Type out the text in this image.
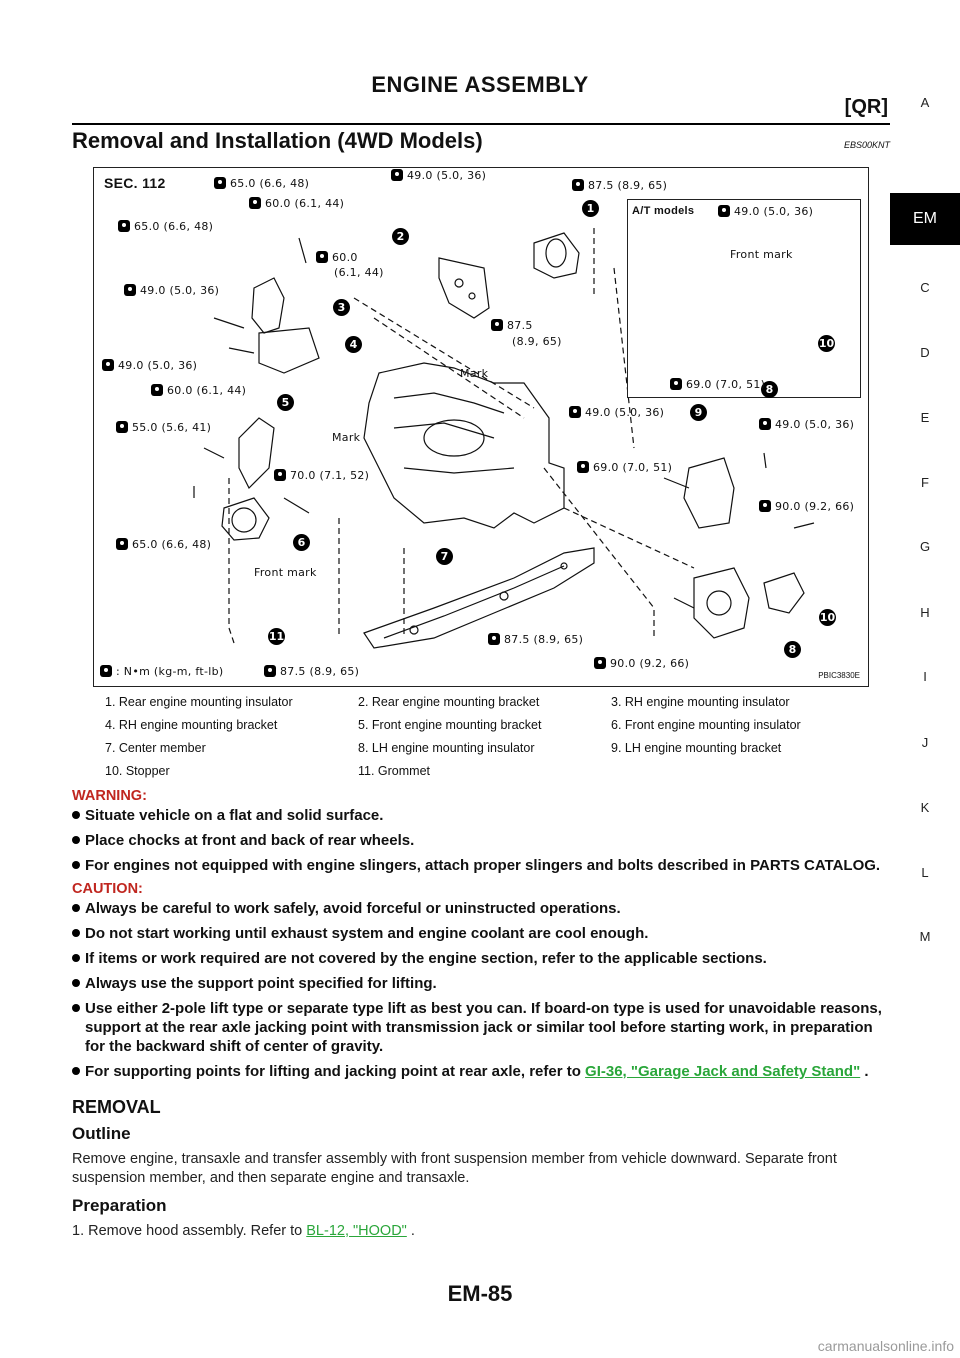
ENGINE ASSEMBLY
[QR]
Removal and Installation (4WD Models)	EBS00KNT
A
EM
C
D
E
F
G
H
I
J
K
L
M
A/T models	49.0 (5.0, 36)
Front mark
8
10
69.0 (7.0, 51)
SEC. 112	65.0 (6.6, 48)
60.0 (6.1, 44)
65.0 (6.6, 48)
60.0
(6.1, 44)
49.0 (5.0, 36)
49.0 (5.0, 36)
60.0 (6.1, 44)
55.0 (5.6, 41)
70.0 (7.1, 52)
65.0 (6.6, 48)
87.5 (8.9, 65)
49.0 (5.0, 36)
87.5 (8.9, 65)
87.5
(8.9, 65)
49.0 (5.0, 36)
49.0 (5.0, 36)
69.0 (7.0, 51)
90.0 (9.2, 66)
87.5 (8.9, 65)
90.0 (9.2, 66)
Mark
Mark
Front mark
1
2
3
4
5
6
7
8
9
10
11
: N•m (kg-m, ft-lb)	PBIC3830E
1. Rear engine mounting insulator	2. Rear engine mounting bracket	3. RH engine mounting insulator
4. RH engine mounting bracket	5. Front engine mounting bracket	6. Front engine mounting insulator
7. Center member	8. LH engine mounting insulator	9. LH engine mounting bracket
10. Stopper	11. Grommet
WARNING:
Situate vehicle on a flat and solid surface.
Place chocks at front and back of rear wheels.
For engines not equipped with engine slingers, attach proper slingers and bolts described in PARTS CATALOG.
CAUTION:
Always be careful to work safely, avoid forceful or uninstructed operations.
Do not start working until exhaust system and engine coolant are cool enough.
If items or work required are not covered by the engine section, refer to the applicable sections.
Always use the support point specified for lifting.
Use either 2-pole lift type or separate type lift as best you can. If board-on type is used for unavoidable reasons, support at the rear axle jacking point with transmission jack or similar tool before starting work, in preparation for the backward shift of center of gravity.
For supporting points for lifting and jacking point at rear axle, refer to GI-36, "Garage Jack and Safety Stand" .
REMOVAL
Outline

Remove engine, transaxle and transfer assembly with front suspension member from vehicle downward. Separate front suspension member, and then separate engine and transaxle.

Preparation

1. Remove hood assembly. Refer to BL-12, "HOOD" .

EM-85
carmanualsonline.info
